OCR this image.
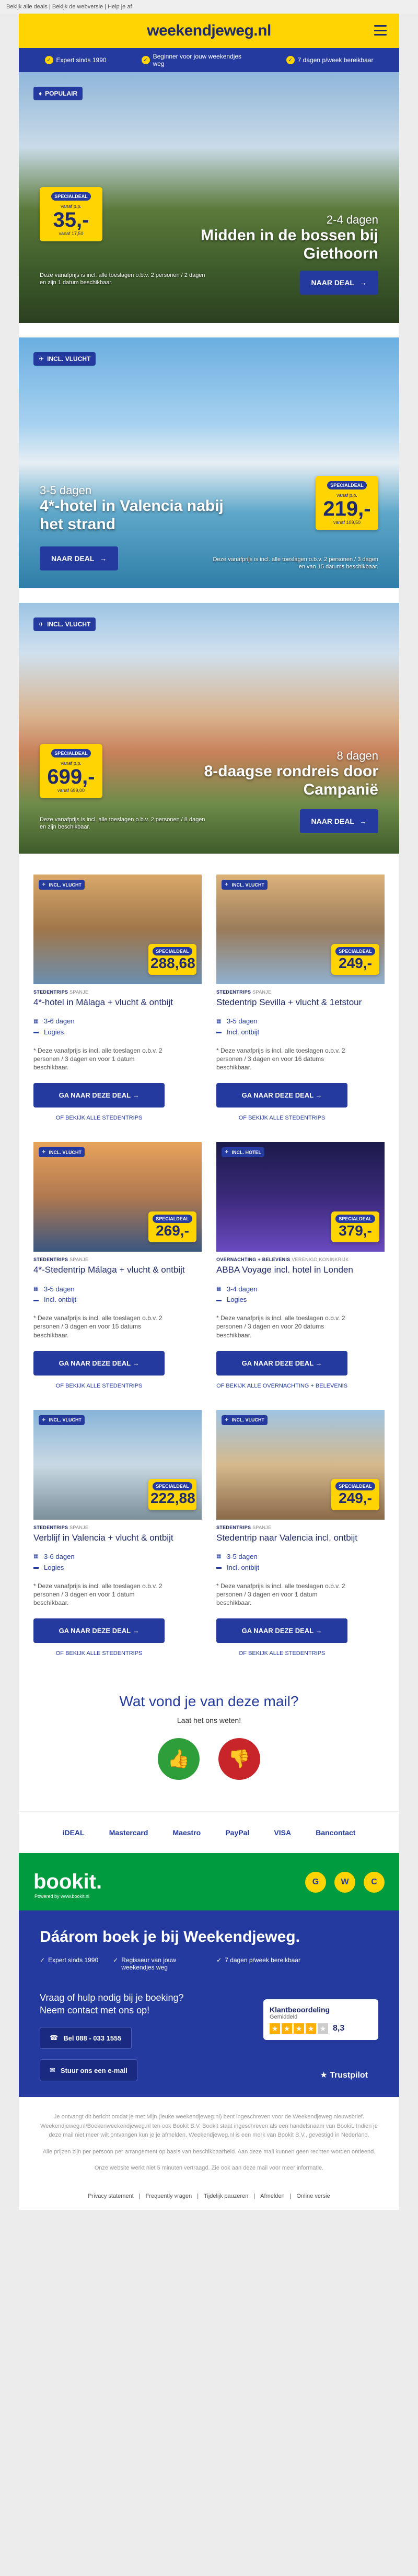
Bekijk alle deals | Bekijk de webversie | Help je af
weekendjeweg.nl
✓ Expert sinds 1990	✓ Beginner voor jouw weekendjes weg	✓ 7 dagen p/week bereikbaar
♦ POPULAIR
SPECIALDEAL
vanaf p.p.
35,-
vanaf 17,50
2-4 dagen
Midden in de bossen bij Giethoorn
NAAR DEAL →
Deze vanafprijs is incl. alle toeslagen o.b.v. 2 personen / 2 dagen en zijn 1 datum beschikbaar.
✈ INCL. VLUCHT
SPECIALDEAL
vanaf p.p.
219,-
vanaf 109,50
3-5 dagen
4*-hotel in Valencia nabij het strand
NAAR DEAL →	Deze vanafprijs is incl. alle toeslagen o.b.v. 2 personen / 3 dagen en van 15 datums beschikbaar.
✈ INCL. VLUCHT
SPECIALDEAL
vanaf p.p.
699,-
vanaf 699,00
8 dagen
8-daagse rondreis door Campanië
NAAR DEAL →
Deze vanafprijs is incl. alle toeslagen o.b.v. 2 personen / 8 dagen en zijn beschikbaar.
✈ INCL. VLUCHT
SPECIALDEAL
288,68
STEDENTRIPS SPANJE
4*-hotel in Málaga + vlucht & ontbijt
▦ 3-6 dagen
▬ Logies
* Deze vanafprijs is incl. alle toeslagen o.b.v. 2 personen / 3 dagen en voor 1 datum beschikbaar.
GA NAAR DEZE DEAL →
OF BEKIJK ALLE STEDENTRIPS
✈ INCL. VLUCHT
SPECIALDEAL
249,-
STEDENTRIPS SPANJE
Stedentrip Sevilla + vlucht & 1etstour
▦ 3-5 dagen
▬ Incl. ontbijt
* Deze vanafprijs is incl. alle toeslagen o.b.v. 2 personen / 3 dagen en voor 16 datums beschikbaar.
GA NAAR DEZE DEAL →
OF BEKIJK ALLE STEDENTRIPS
✈ INCL. VLUCHT
SPECIALDEAL
269,-
STEDENTRIPS SPANJE
4*-Stedentrip Málaga + vlucht & ontbijt
▦ 3-5 dagen
▬ Incl. ontbijt
* Deze vanafprijs is incl. alle toeslagen o.b.v. 2 personen / 3 dagen en voor 15 datums beschikbaar.
GA NAAR DEZE DEAL →
OF BEKIJK ALLE STEDENTRIPS
✈ INCL. HOTEL
SPECIALDEAL
379,-
OVERNACHTING + BELEVENIS VERENIGD KONINKRIJK
ABBA Voyage incl. hotel in Londen
▦ 3-4 dagen
▬ Logies
* Deze vanafprijs is incl. alle toeslagen o.b.v. 2 personen / 3 dagen en voor 20 datums beschikbaar.
GA NAAR DEZE DEAL →
OF BEKIJK ALLE OVERNACHTING + BELEVENIS
✈ INCL. VLUCHT
SPECIALDEAL
222,88
STEDENTRIPS SPANJE
Verblijf in Valencia + vlucht & ontbijt
▦ 3-6 dagen
▬ Logies
* Deze vanafprijs is incl. alle toeslagen o.b.v. 2 personen / 3 dagen en voor 1 datum beschikbaar.
GA NAAR DEZE DEAL →
OF BEKIJK ALLE STEDENTRIPS
✈ INCL. VLUCHT
SPECIALDEAL
249,-
STEDENTRIPS SPANJE
Stedentrip naar Valencia incl. ontbijt
▦ 3-5 dagen
▬ Incl. ontbijt
* Deze vanafprijs is incl. alle toeslagen o.b.v. 2 personen / 3 dagen en voor 1 datum beschikbaar.
GA NAAR DEZE DEAL →
OF BEKIJK ALLE STEDENTRIPS
Wat vond je van deze mail?

Laat het ons weten!

👍 👎
iDEAL	Mastercard	Maestro	PayPal	VISA	Bancontact
bookit.
Powered by www.bookit.nl
G	W	C
Dáárom boek je bij Weekendjeweg.
✓ Expert sinds 1990 ✓ Regisseur van jouw weekendjes weg
✓ 7 dagen p/week bereikbaar
Vraag of hulp nodig bij je boeking? Neem contact met ons op!
☎ Bel 088 - 033 1555
✉ Stuur ons een e-mail
Klantbeoordeling
Gemiddeld
★ ★ ★ ★ ★ 8,3
★ Trustpilot

Je ontvangt dit bericht omdat je met Mijn (leuke weekendjeweg.nl) bent ingeschreven voor de Weekendjeweg nieuwsbrief. Weekendjeweg.nl/Boekenweekendjeweg.nl ten ook Bookit B.V. Bookit staat ingeschreven als een handelsnaam van Bookit. Indien je deze mail niet meer wilt ontvangen kun je je afmelden. Weekendjeweg.nl is een merk van Bookit B.V., gevestigd in Nederland.

Alle prijzen zijn per persoon per arrangement op basis van beschikbaarheid. Aan deze mail kunnen geen rechten worden ontleend.

Onze website werkt niet 5 minuten vertraagd. Zie ook aan deze mail voor meer informatie.

Privacy statement | Frequently vragen | Tijdelijk pauzeren | Afmelden | Online versie
